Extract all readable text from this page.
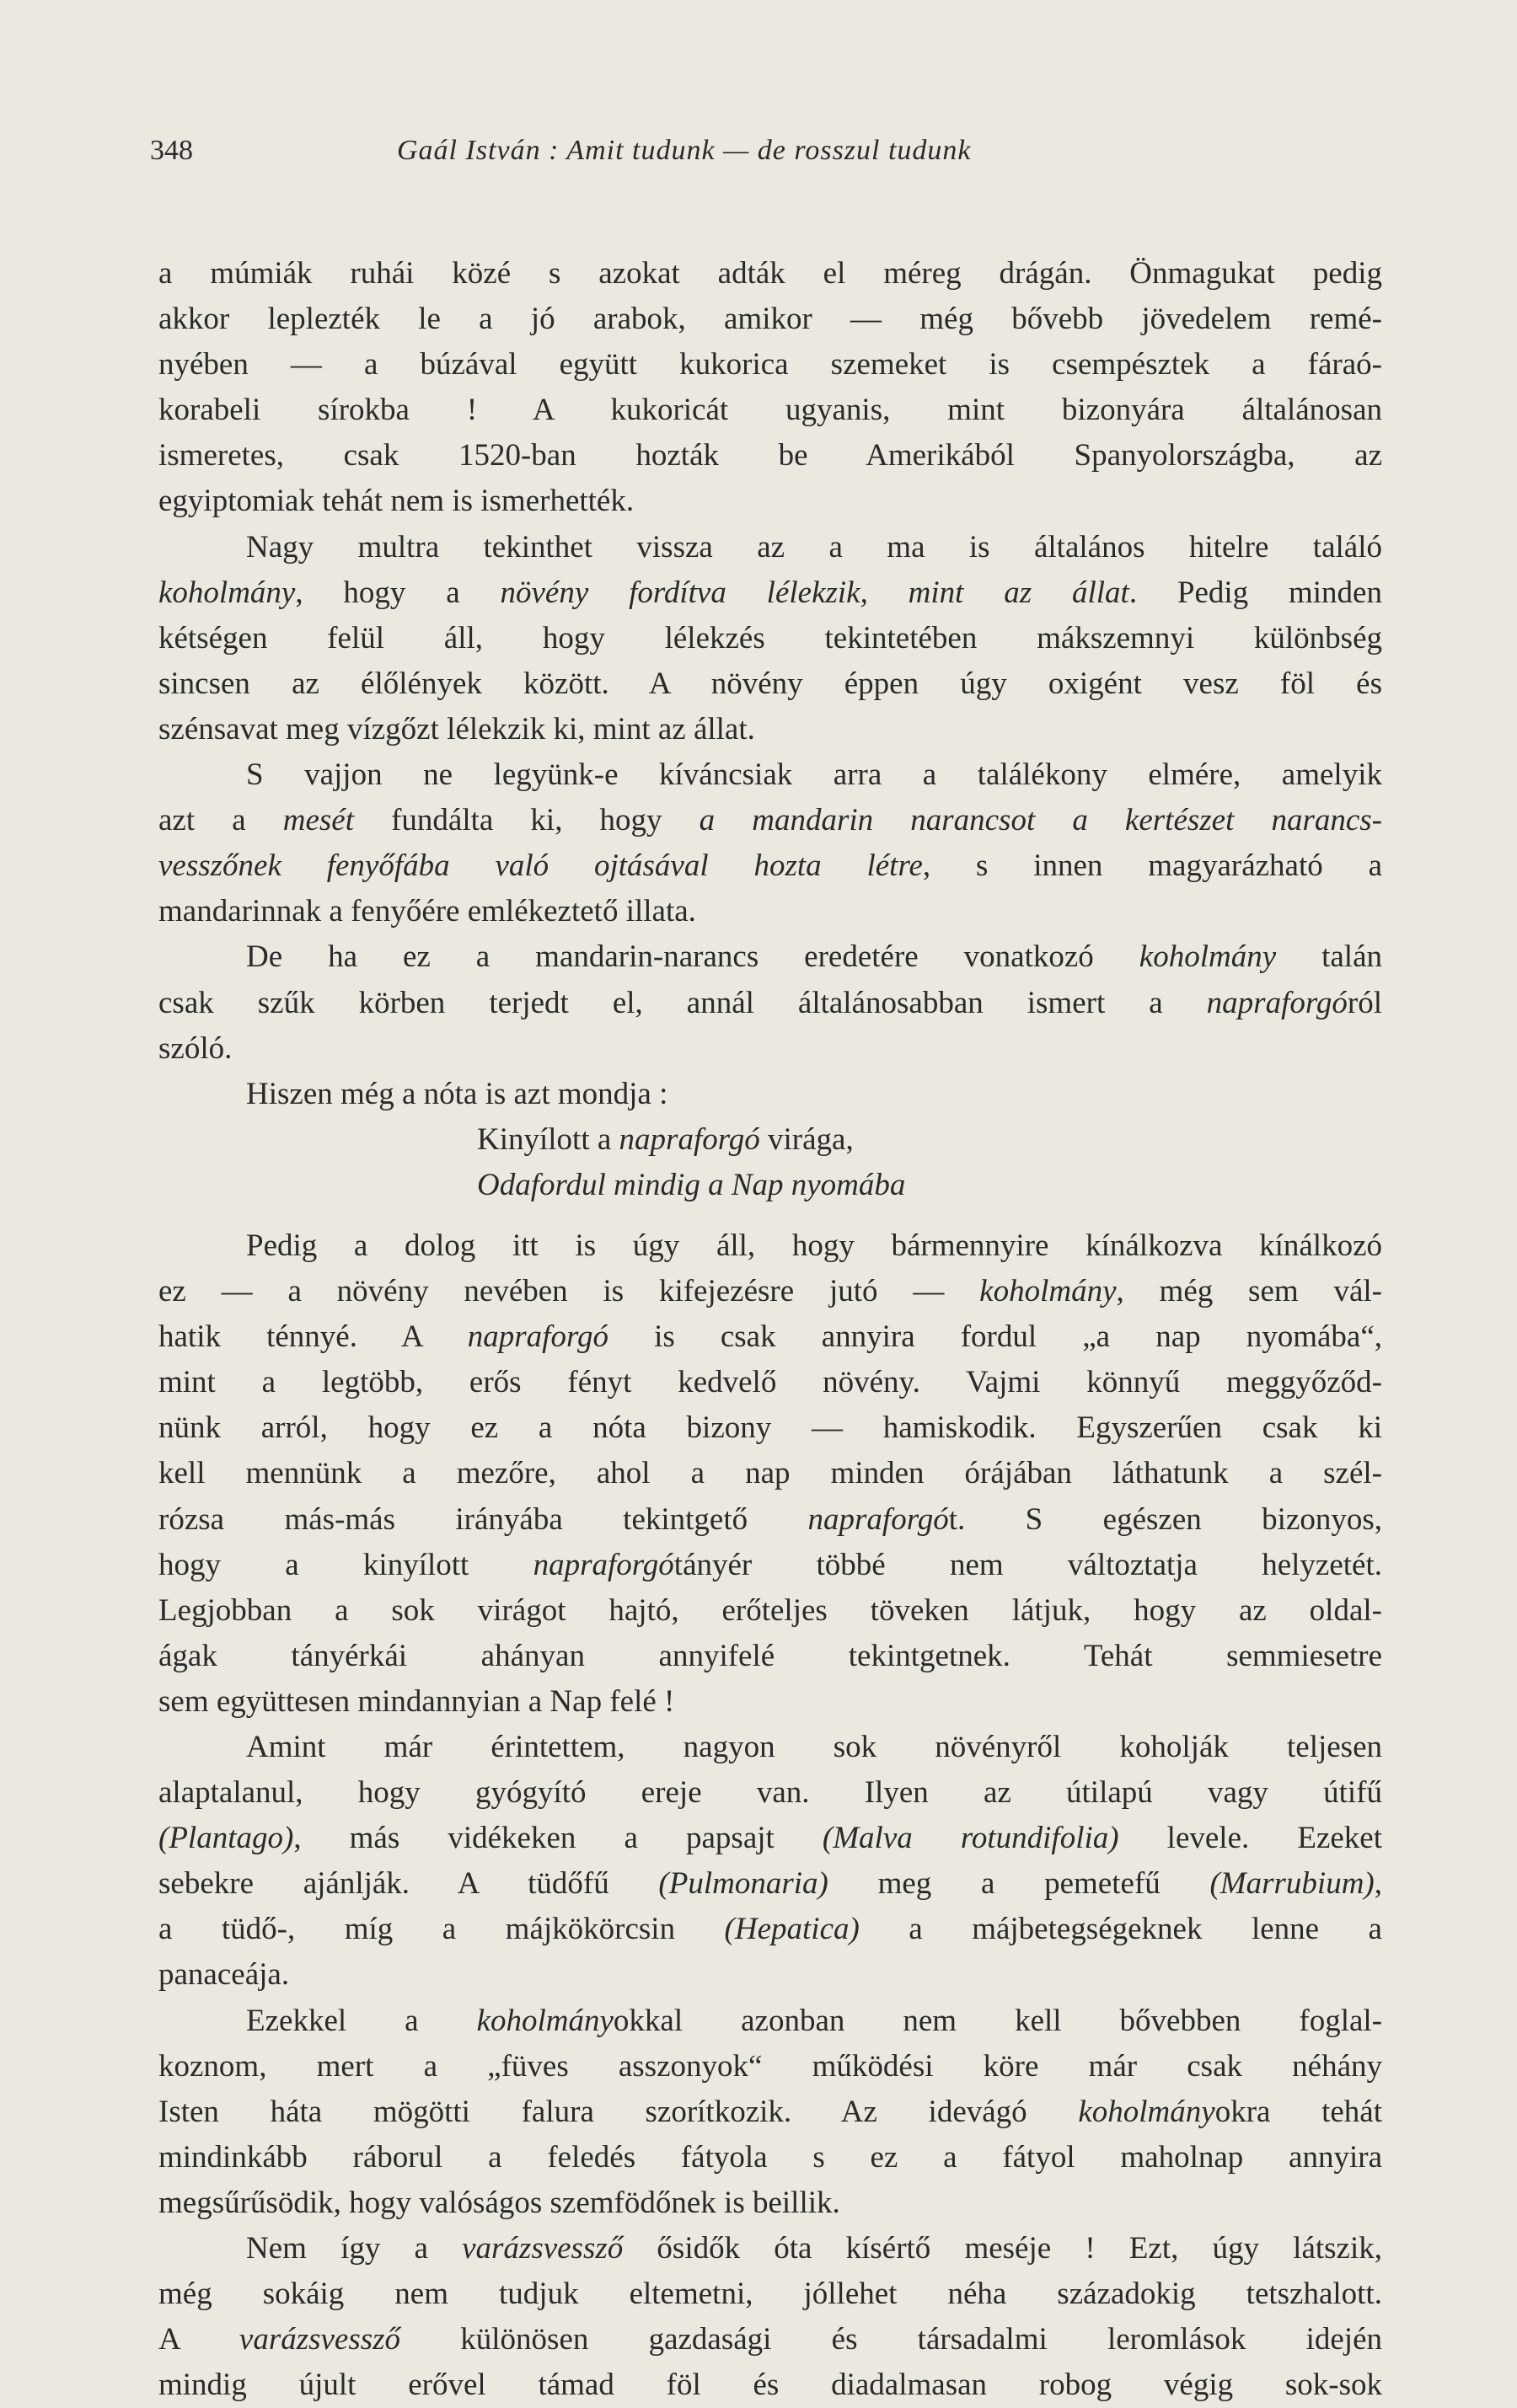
348	Gaál István : Amit tudunk — de rosszul tudunk
a múmiák ruhái közé s azokat adták el méreg drágán. Önmagukat pedig
akkor leplezték le a jó arabok, amikor — még bővebb jövedelem remé-
nyében — a búzával együtt kukorica szemeket is csempésztek a fáraó-
korabeli sírokba ! A kukoricát ugyanis, mint bizonyára általánosan
ismeretes, csak 1520-ban hozták be Amerikából Spanyolországba, az
egyiptomiak tehát nem is ismerhették.
Nagy multra tekinthet vissza az a ma is általános hitelre találó
koholmány, hogy a növény fordítva lélekzik, mint az állat. Pedig minden
kétségen felül áll, hogy lélekzés tekintetében mákszemnyi különbség
sincsen az élőlények között. A növény éppen úgy oxigént vesz föl és
szénsavat meg vízgőzt lélekzik ki, mint az állat.
S vajjon ne legyünk-e kíváncsiak arra a találékony elmére, amelyik
azt a mesét fundálta ki, hogy a mandarin narancsot a kertészet narancs-
vesszőnek fenyőfába való ojtásával hozta létre, s innen magyarázható a
mandarinnak a fenyőére emlékeztető illata.
De ha ez a mandarin-narancs eredetére vonatkozó koholmány talán
csak szűk körben terjedt el, annál általánosabban ismert a napraforgóról
szóló.
Hiszen még a nóta is azt mondja :
Kinyílott a napraforgó virága,
Odafordul mindig a Nap nyomába
Pedig a dolog itt is úgy áll, hogy bármennyire kínálkozva kínálkozó
ez — a növény nevében is kifejezésre jutó — koholmány, még sem vál-
hatik ténnyé. A napraforgó is csak annyira fordul „a nap nyomába“,
mint a legtöbb, erős fényt kedvelő növény. Vajmi könnyű meggyőződ-
nünk arról, hogy ez a nóta bizony — hamiskodik. Egyszerűen csak ki
kell mennünk a mezőre, ahol a nap minden órájában láthatunk a szél-
rózsa más-más irányába tekintgető napraforgót. S egészen bizonyos,
hogy a kinyílott napraforgótányér többé nem változtatja helyzetét.
Legjobban a sok virágot hajtó, erőteljes töveken látjuk, hogy az oldal-
ágak tányérkái ahányan annyifelé tekintgetnek. Tehát semmiesetre
sem együttesen mindannyian a Nap felé !
Amint már érintettem, nagyon sok növényről koholják teljesen
alaptalanul, hogy gyógyító ereje van. Ilyen az útilapú vagy útifű
(Plantago), más vidékeken a papsajt (Malva rotundifolia) levele. Ezeket
sebekre ajánlják. A tüdőfű (Pulmonaria) meg a pemetefű (Marrubium),
a tüdő-, míg a májkökörcsin (Hepatica) a májbetegségeknek lenne a
panaceája.
Ezekkel a koholmányokkal azonban nem kell bővebben foglal-
koznom, mert a „füves asszonyok“ működési köre már csak néhány
Isten háta mögötti falura szorítkozik. Az idevágó koholmányokra tehát
mindinkább ráborul a feledés fátyola s ez a fátyol maholnap annyira
megsűrűsödik, hogy valóságos szemfödőnek is beillik.
Nem így a varázsvessző ősidők óta kísértő meséje ! Ezt, úgy látszik,
még sokáig nem tudjuk eltemetni, jóllehet néha századokig tetszhalott.
A varázsvessző különösen gazdasági és társadalmi leromlások idején
mindig újult erővel támad föl és diadalmasan robog végig sok-sok
